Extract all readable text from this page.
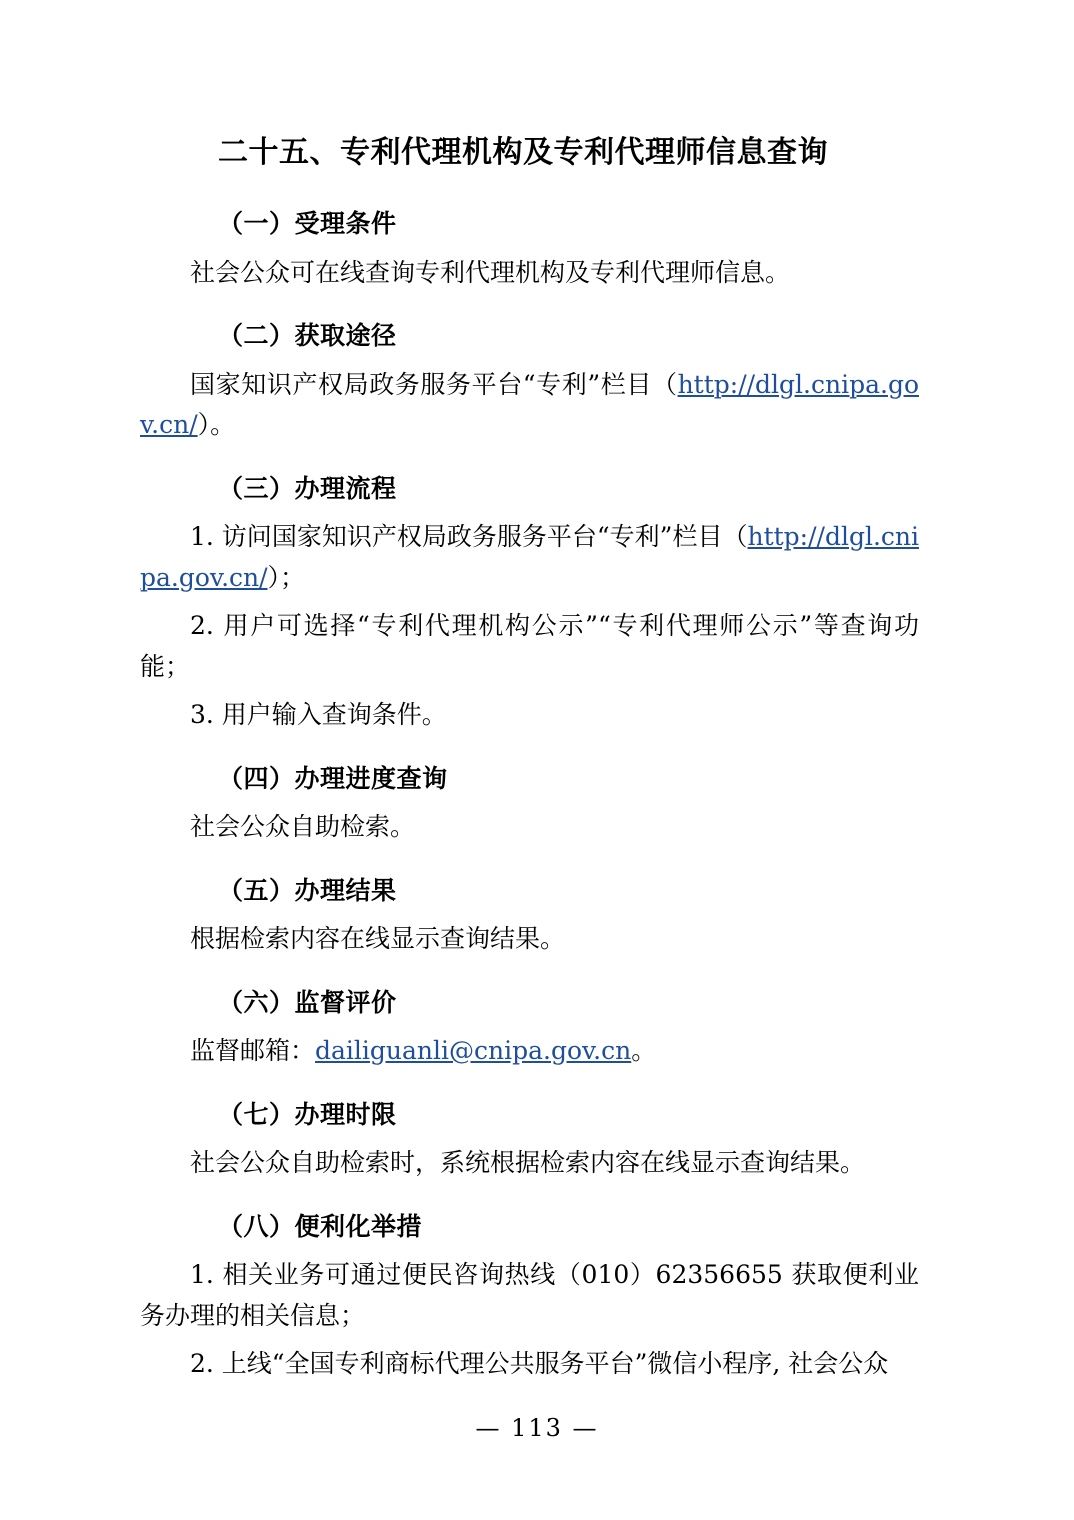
二十五、专利代理机构及专利代理师信息查询
（一）受理条件

社会公众可在线查询专利代理机构及专利代理师信息。

（二）获取途径

国家知识产权局政务服务平台“专利”栏目（http://dlgl.cnipa.gov.cn/）。

（三）办理流程

1. 访问国家知识产权局政务服务平台“专利”栏目（http://dlgl.cnipa.gov.cn/）；

2. 用户可选择“专利代理机构公示”“专利代理师公示”等查询功能；

3. 用户输入查询条件。

（四）办理进度查询

社会公众自助检索。

（五）办理结果

根据检索内容在线显示查询结果。

（六）监督评价

监督邮箱：dailiguanli@cnipa.gov.cn。

（七）办理时限

社会公众自助检索时，系统根据检索内容在线显示查询结果。

（八）便利化举措

1. 相关业务可通过便民咨询热线（010）62356655 获取便利业务办理的相关信息；

2. 上线“全国专利商标代理公共服务平台”微信小程序, 社会公众

— 113 —
